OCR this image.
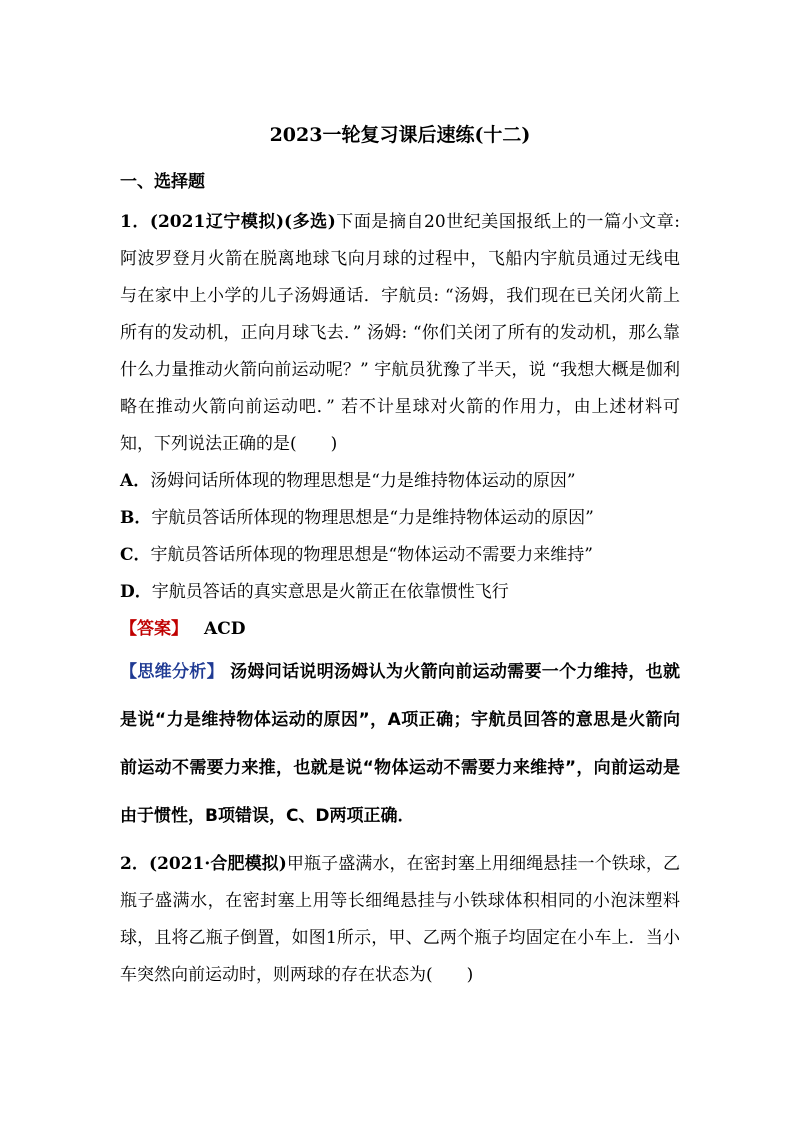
2023一轮复习课后速练(十二)
一、选择题

1．(2021辽宁模拟)(多选)下面是摘自20世纪美国报纸上的一篇小文章: 阿波罗登月火箭在脱离地球飞向月球的过程中，飞船内宇航员通过无线电与在家中上小学的儿子汤姆通话．宇航员: “汤姆，我们现在已关闭火箭上所有的发动机，正向月球飞去．” 汤姆: “你们关闭了所有的发动机，那么靠什么力量推动火箭向前运动呢？” 宇航员犹豫了半天，说 “我想大概是伽利略在推动火箭向前运动吧．” 若不计星球对火箭的作用力，由上述材料可知，下列说法正确的是(　　)

A．汤姆问话所体现的物理思想是“力是维持物体运动的原因”

B．宇航员答话所体现的物理思想是“力是维持物体运动的原因”

C．宇航员答话所体现的物理思想是“物体运动不需要力来维持”

D．宇航员答话的真实意思是火箭正在依靠惯性飞行

【答案】 ACD

【思维分析】 汤姆问话说明汤姆认为火箭向前运动需要一个力维持，也就是说“力是维持物体运动的原因”，A项正确；宇航员回答的意思是火箭向前运动不需要力来推，也就是说“物体运动不需要力来维持”，向前运动是由于惯性，B项错误，C、D两项正确．

2．(2021·合肥模拟)甲瓶子盛满水，在密封塞上用细绳悬挂一个铁球，乙瓶子盛满水，在密封塞上用等长细绳悬挂与小铁球体积相同的小泡沫塑料球，且将乙瓶子倒置，如图1所示，甲、乙两个瓶子均固定在小车上．当小车突然向前运动时，则两球的存在状态为(　　)
